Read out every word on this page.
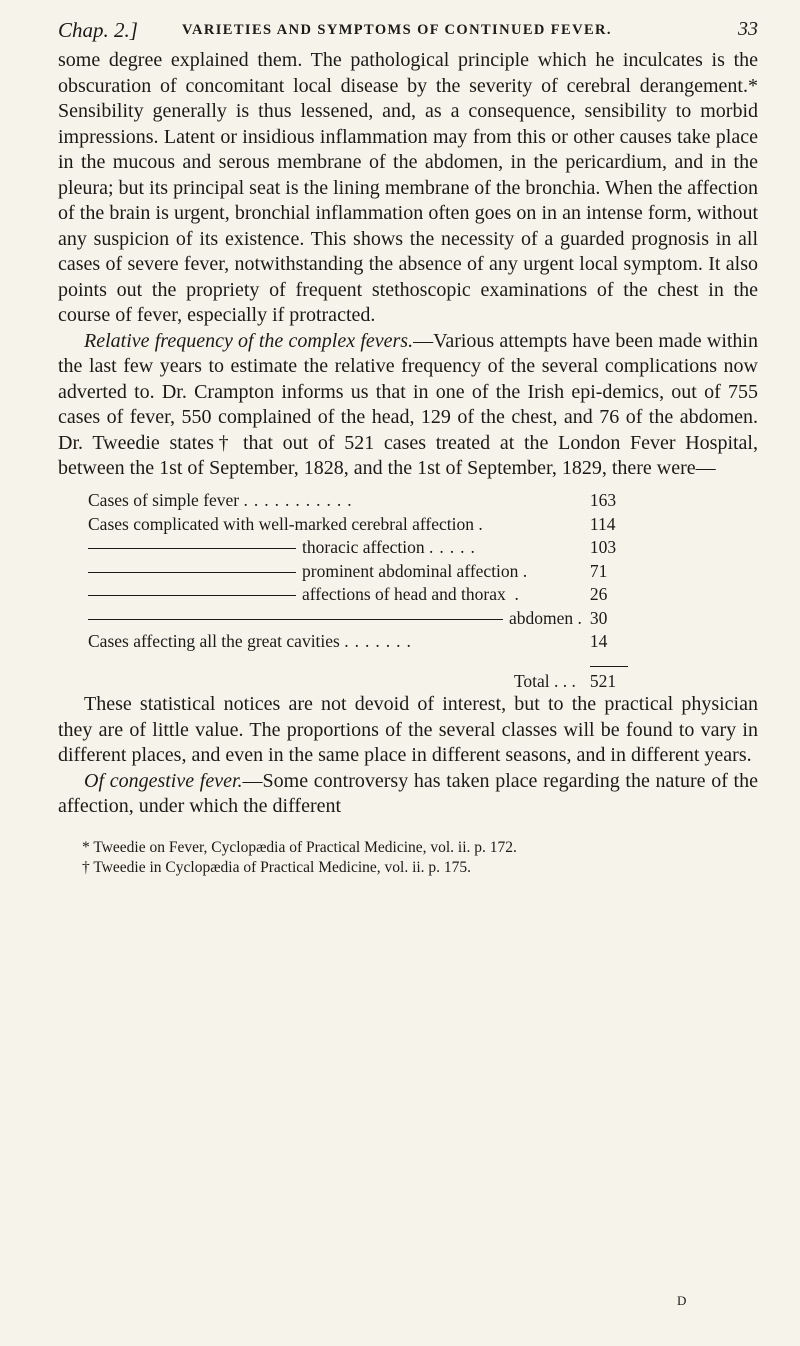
Chap. 2.]	VARIETIES AND SYMPTOMS OF CONTINUED FEVER.	33

some degree explained them. The pathological principle which he inculcates is the obscuration of concomitant local disease by the severity of cerebral derangement.* Sensibility generally is thus lessened, and, as a consequence, sensibility to morbid impressions. Latent or insidious inflammation may from this or other causes take place in the mucous and serous membrane of the abdomen, in the pericardium, and in the pleura; but its principal seat is the lining membrane of the bronchia. When the affection of the brain is urgent, bronchial inflammation often goes on in an intense form, without any suspicion of its existence. This shows the necessity of a guarded prognosis in all cases of severe fever, notwithstanding the absence of any urgent local symptom. It also points out the propriety of frequent stethoscopic examinations of the chest in the course of fever, especially if protracted.

Relative frequency of the complex fevers.—Various attempts have been made within the last few years to estimate the relative frequency of the several complications now adverted to. Dr. Crampton informs us that in one of the Irish epi-demics, out of 755 cases of fever, 550 complained of the head, 129 of the chest, and 76 of the abdomen. Dr. Tweedie states† that out of 521 cases treated at the London Fever Hospital, between the 1st of September, 1828, and the 1st of September, 1829, there were—

Cases of simple fever ...........	163
Cases complicated with well-marked cerebral affection .	114
thoracic affection .....	103
prominent abdominal affection .	71
affections of head and thorax  .	26
abdomen .	30
Cases affecting all the great cavities .......	14
Total . . .	521

These statistical notices are not devoid of interest, but to the practical physician they are of little value. The proportions of the several classes will be found to vary in different places, and even in the same place in different seasons, and in different years.

Of congestive fever.—Some controversy has taken place regarding the nature of the affection, under which the different

* Tweedie on Fever, Cyclopædia of Practical Medicine, vol. ii. p. 172.
† Tweedie in Cyclopædia of Practical Medicine, vol. ii. p. 175.
D
